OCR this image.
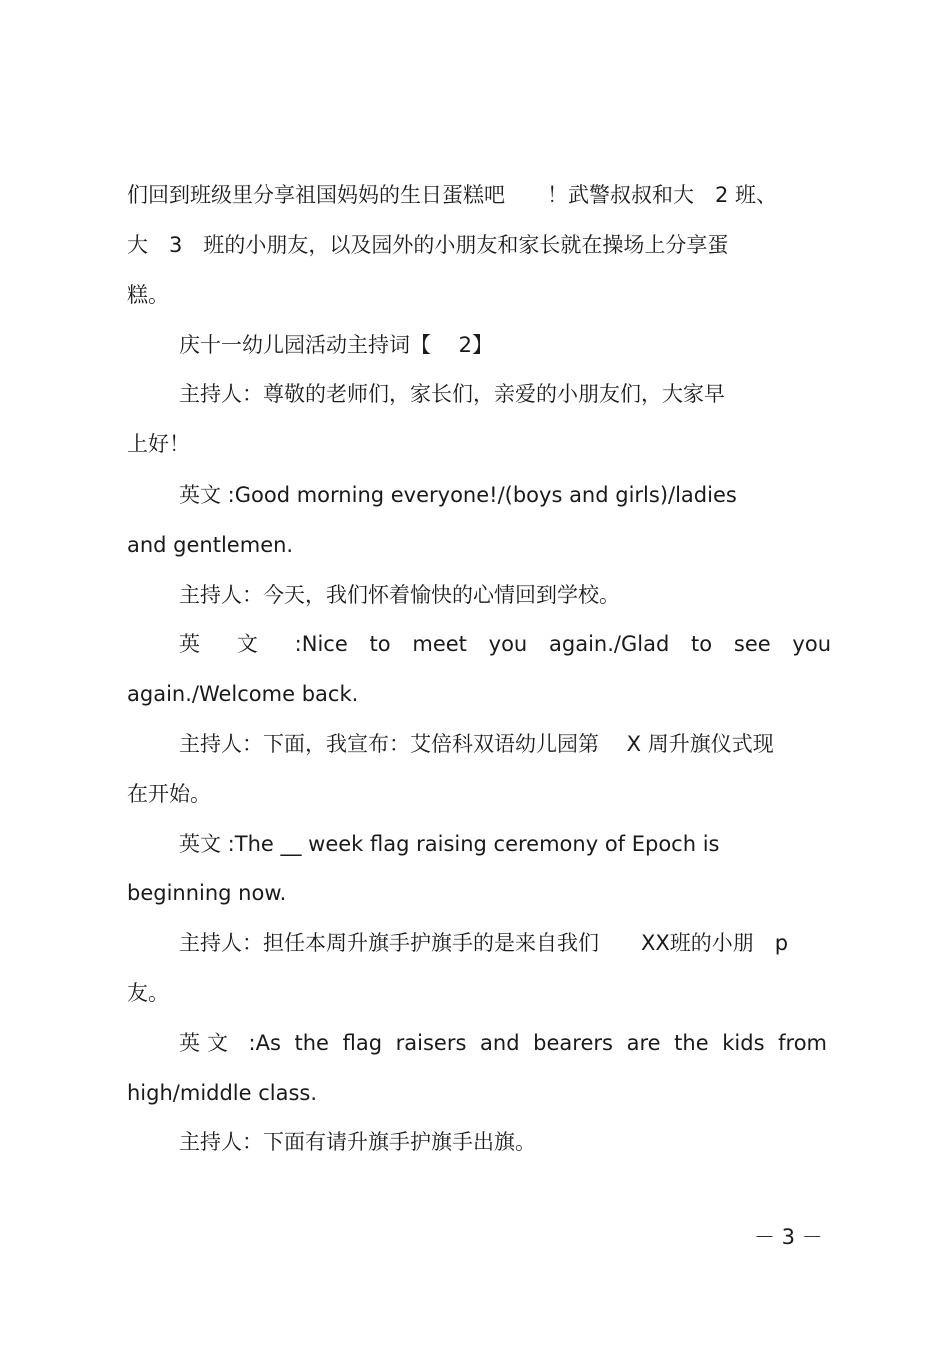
们回到班级里分享祖国妈妈的生日蛋糕吧　　！武警叔叔和大　2 班、
大　3　班的小朋友，以及园外的小朋友和家长就在操场上分享蛋
糕。
庆十一幼儿园活动主持词【　 2】
主持人：尊敬的老师们，家长们，亲爱的小朋友们，大家早
上好！
英文 :Good morning everyone!/(boys and girls)/ladies
and gentlemen.
主持人：今天，我们怀着愉快的心情回到学校。
英 文 :Nice to meet you again./Glad to see you
again./Welcome back.
主持人：下面，我宣布：艾倍科双语幼儿园第　 X 周升旗仪式现
在开始。
英文 :The __ week flag raising ceremony of Epoch is
beginning now.
主持人：担任本周升旗手护旗手的是来自我们　　XX班的小朋　p
友。
英文 :As the flag raisers and bearers are the kids from
high/middle class.
主持人：下面有请升旗手护旗手出旗。
－ 3 －
